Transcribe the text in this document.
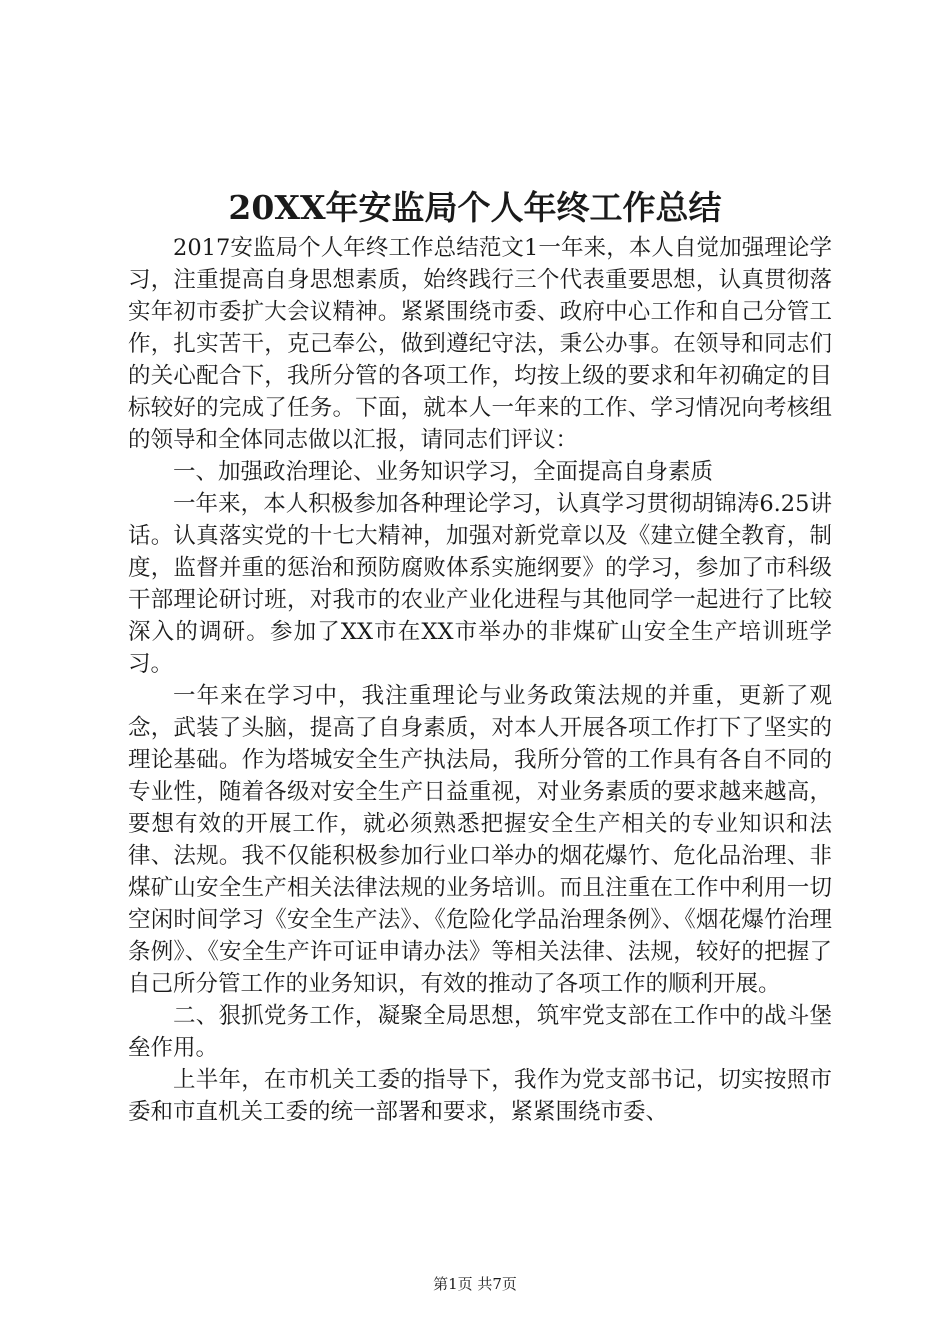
20XX年安监局个人年终工作总结

2017安监局个人年终工作总结范文1一年来，本人自觉加强理论学习，注重提高自身思想素质，始终践行三个代表重要思想，认真贯彻落实年初市委扩大会议精神。紧紧围绕市委、政府中心工作和自己分管工作，扎实苦干，克己奉公，做到遵纪守法，秉公办事。在领导和同志们的关心配合下，我所分管的各项工作，均按上级的要求和年初确定的目标较好的完成了任务。下面，就本人一年来的工作、学习情况向考核组的领导和全体同志做以汇报，请同志们评议：

一、加强政治理论、业务知识学习，全面提高自身素质

一年来，本人积极参加各种理论学习，认真学习贯彻胡锦涛6.25讲话。认真落实党的十七大精神，加强对新党章以及《建立健全教育，制度，监督并重的惩治和预防腐败体系实施纲要》的学习，参加了市科级干部理论研讨班，对我市的农业产业化进程与其他同学一起进行了比较深入的调研。参加了XX市在XX市举办的非煤矿山安全生产培训班学习。

一年来在学习中，我注重理论与业务政策法规的并重，更新了观念，武装了头脑，提高了自身素质，对本人开展各项工作打下了坚实的理论基础。作为塔城安全生产执法局，我所分管的工作具有各自不同的专业性，随着各级对安全生产日益重视，对业务素质的要求越来越高，要想有效的开展工作，就必须熟悉把握安全生产相关的专业知识和法律、法规。我不仅能积极参加行业口举办的烟花爆竹、危化品治理、非煤矿山安全生产相关法律法规的业务培训。而且注重在工作中利用一切空闲时间学习《安全生产法》、《危险化学品治理条例》、《烟花爆竹治理条例》、《安全生产许可证申请办法》等相关法律、法规，较好的把握了自己所分管工作的业务知识，有效的推动了各项工作的顺利开展。

二、狠抓党务工作，凝聚全局思想，筑牢党支部在工作中的战斗堡垒作用。

上半年，在市机关工委的指导下，我作为党支部书记，切实按照市委和市直机关工委的统一部署和要求，紧紧围绕市委、

第1页 共7页
